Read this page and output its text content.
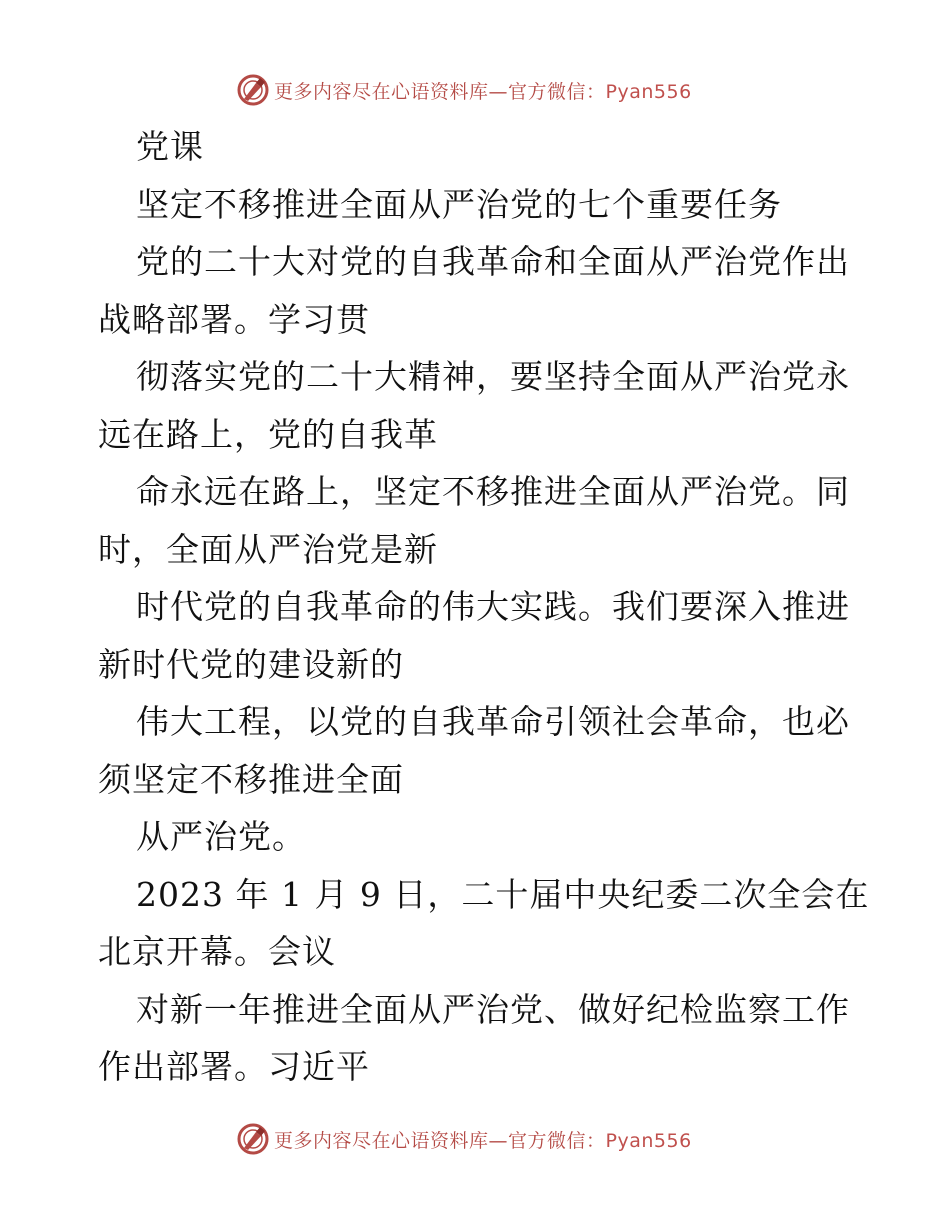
更多内容尽在心语资料库—官方微信：Pyan556
党课
坚定不移推进全面从严治党的七个重要任务
党的二十大对党的自我革命和全面从严治党作出
战略部署。学习贯
彻落实党的二十大精神，要坚持全面从严治党永
远在路上，党的自我革
命永远在路上，坚定不移推进全面从严治党。同
时，全面从严治党是新
时代党的自我革命的伟大实践。我们要深入推进
新时代党的建设新的
伟大工程，以党的自我革命引领社会革命，也必
须坚定不移推进全面
从严治党。
2023 年 1 月 9 日，二十届中央纪委二次全会在
北京开幕。会议
对新一年推进全面从严治党、做好纪检监察工作
作出部署。习近平
更多内容尽在心语资料库—官方微信：Pyan556
